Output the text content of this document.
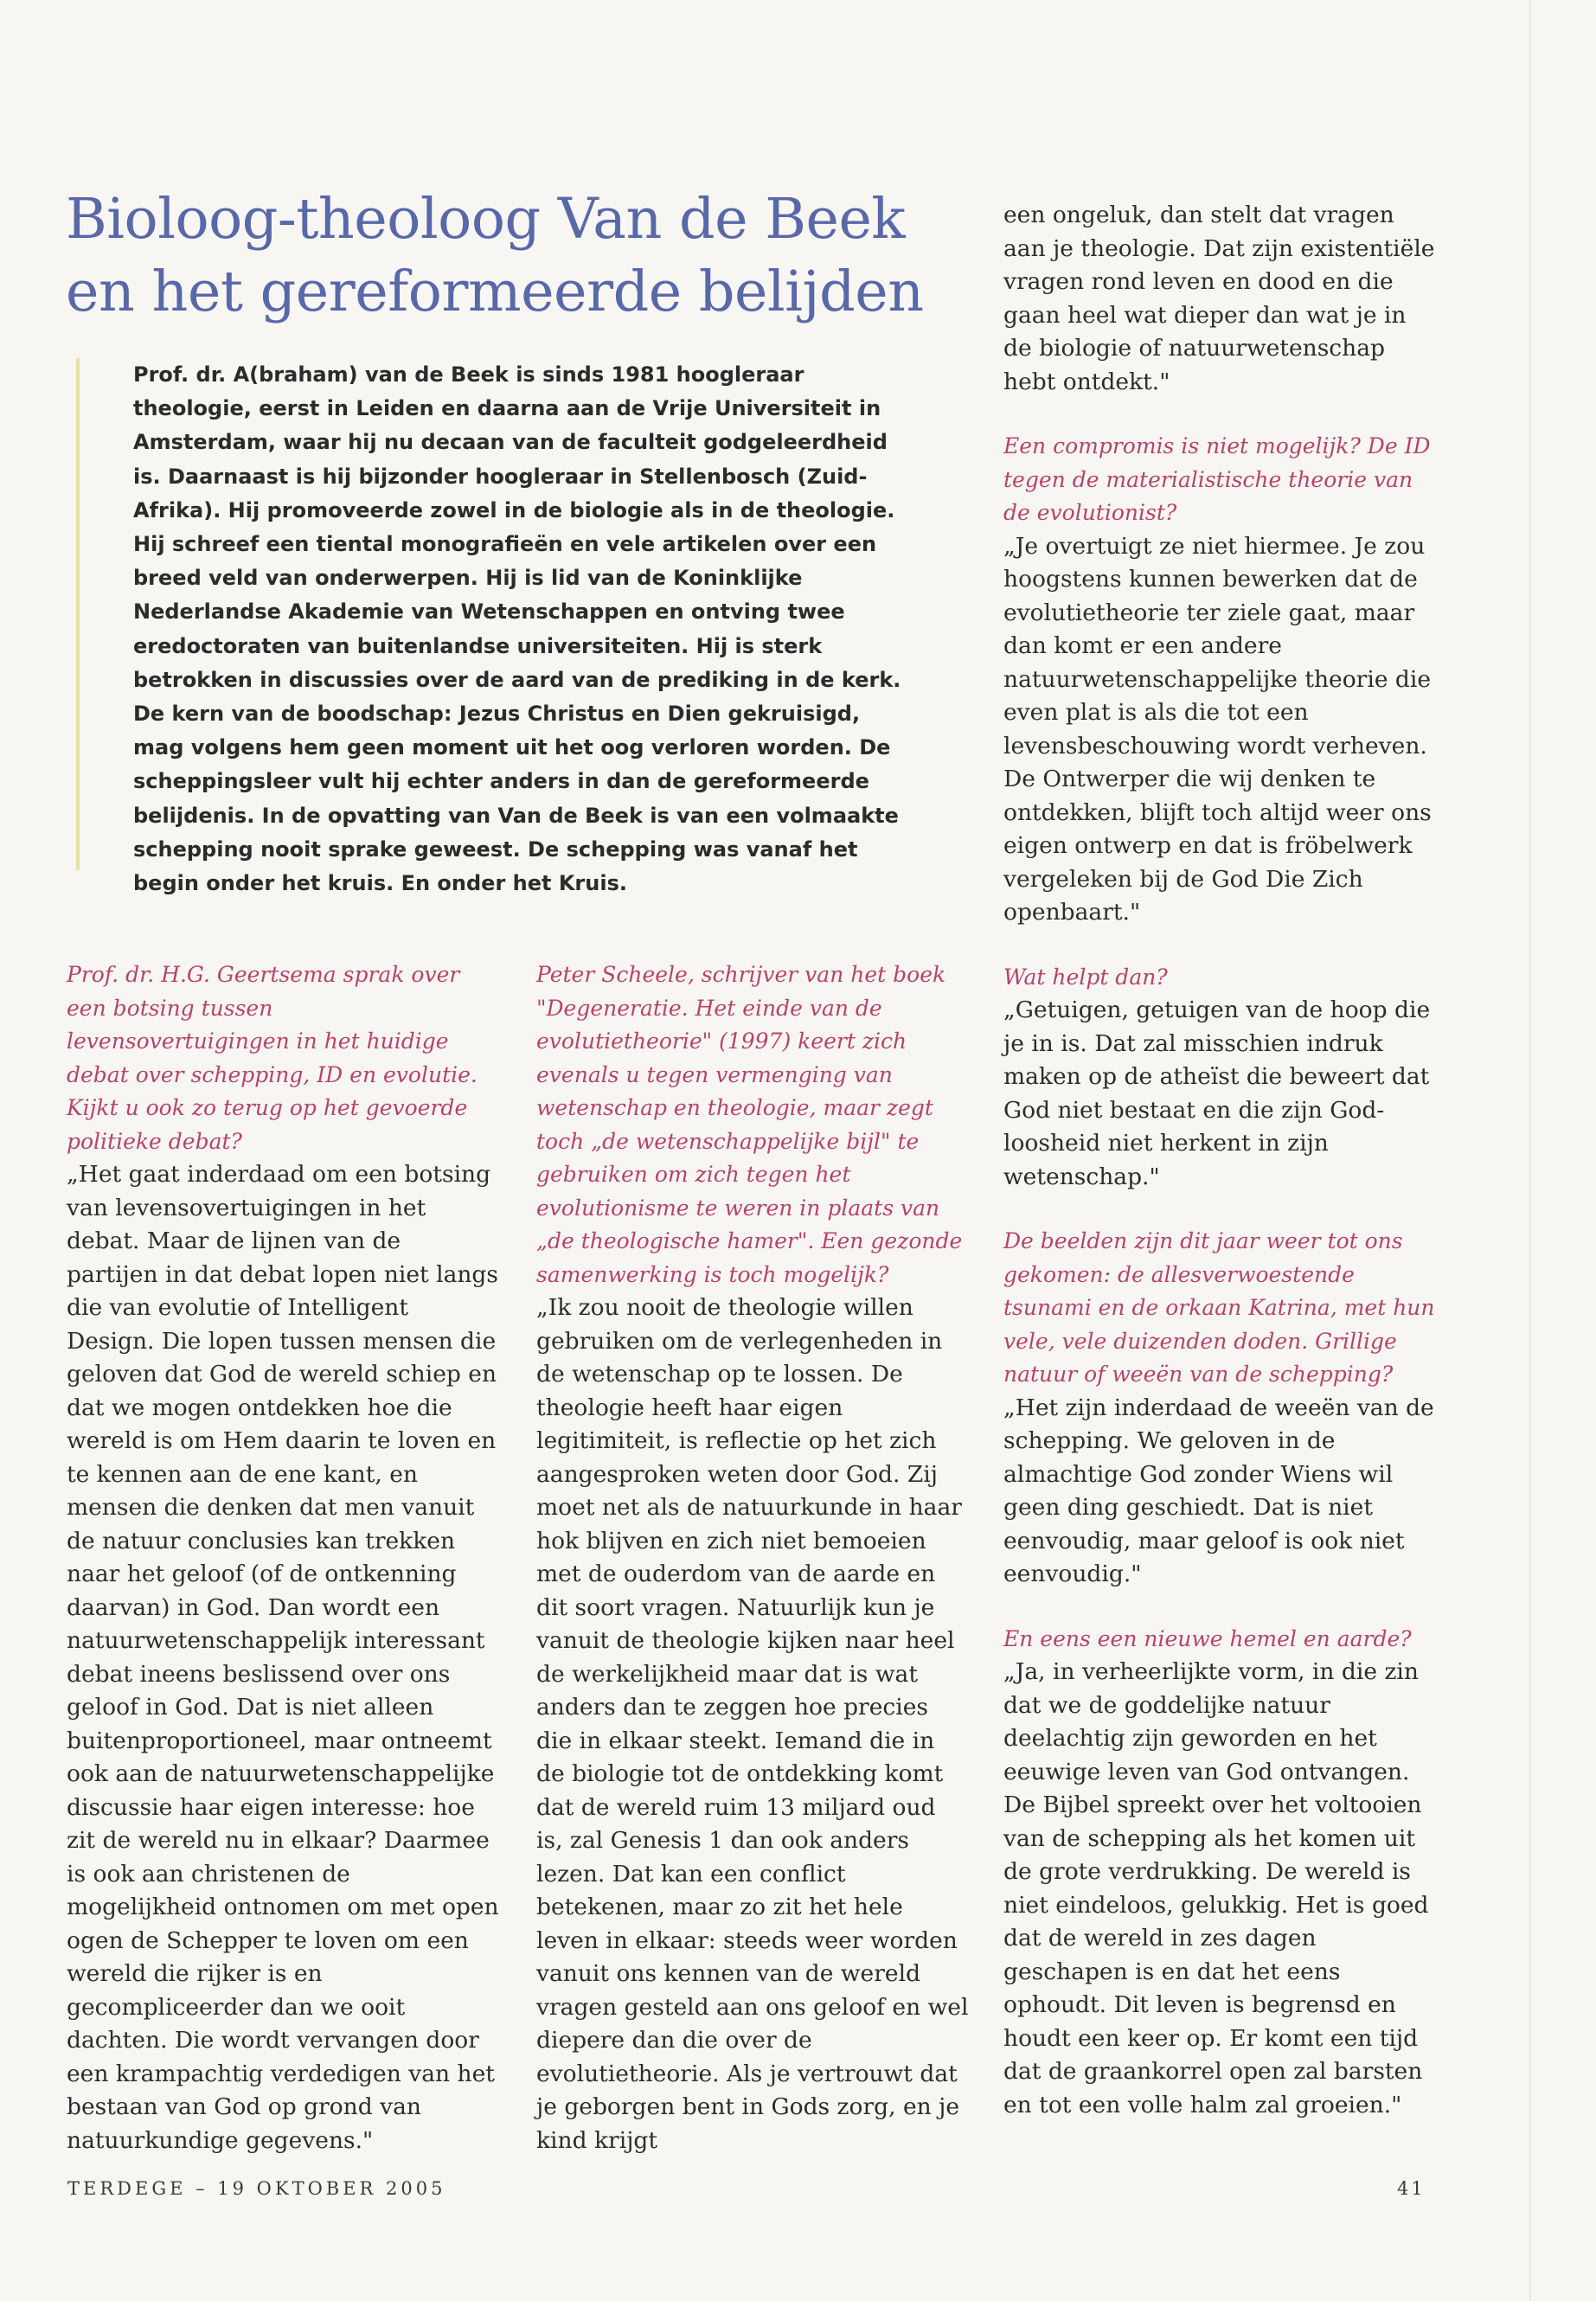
Bioloog-theoloog Van de Beek
en het gereformeerde belijden

Prof. dr. A(braham) van de Beek is sinds 1981 hoogleraar theologie, eerst in Leiden en daarna aan de Vrije Universiteit in Amsterdam, waar hij nu decaan van de faculteit godgeleerdheid is. Daarnaast is hij bijzonder hoogleraar in Stellenbosch (Zuid-Afrika). Hij promoveerde zowel in de biologie als in de theologie. Hij schreef een tiental monografieën en vele artikelen over een breed veld van onderwerpen. Hij is lid van de Koninklijke Nederlandse Akademie van Wetenschappen en ontving twee eredoctoraten van buitenlandse universiteiten. Hij is sterk betrokken in discussies over de aard van de prediking in de kerk. De kern van de boodschap: Jezus Christus en Dien gekruisigd, mag volgens hem geen moment uit het oog verloren worden. De scheppingsleer vult hij echter anders in dan de gereformeerde belijdenis. In de opvatting van Van de Beek is van een volmaakte schepping nooit sprake geweest. De schepping was vanaf het begin onder het kruis. En onder het Kruis.

Prof. dr. H.G. Geertsema sprak over een botsing tussen levensovertuigingen in het huidige debat over schepping, ID en evolutie. Kijkt u ook zo terug op het gevoerde politieke debat?

„Het gaat inderdaad om een botsing van levensovertuigingen in het debat. Maar de lijnen van de partijen in dat debat lopen niet langs die van evolutie of Intelligent Design. Die lopen tussen mensen die geloven dat God de wereld schiep en dat we mogen ontdekken hoe die wereld is om Hem daarin te loven en te kennen aan de ene kant, en mensen die denken dat men vanuit de natuur conclusies kan trekken naar het geloof (of de ontkenning daarvan) in God. Dan wordt een natuurwetenschappelijk interessant debat ineens beslissend over ons geloof in God. Dat is niet alleen buitenproportioneel, maar ontneemt ook aan de natuurwetenschappelijke discussie haar eigen interesse: hoe zit de wereld nu in elkaar? Daarmee is ook aan christenen de mogelijkheid ontnomen om met open ogen de Schepper te loven om een wereld die rijker is en gecompliceerder dan we ooit dachten. Die wordt vervangen door een krampachtig verdedigen van het bestaan van God op grond van natuurkundige gegevens."

Peter Scheele, schrijver van het boek "Degeneratie. Het einde van de evolutietheorie" (1997) keert zich evenals u tegen vermenging van wetenschap en theologie, maar zegt toch „de wetenschappelijke bijl" te gebruiken om zich tegen het evolutionisme te weren in plaats van „de theologische hamer". Een gezonde samenwerking is toch mogelijk?

„Ik zou nooit de theologie willen gebruiken om de verlegenheden in de wetenschap op te lossen. De theologie heeft haar eigen legitimiteit, is reflectie op het zich aangesproken weten door God. Zij moet net als de natuurkunde in haar hok blijven en zich niet bemoeien met de ouderdom van de aarde en dit soort vragen. Natuurlijk kun je vanuit de theologie kijken naar heel de werkelijkheid maar dat is wat anders dan te zeggen hoe precies die in elkaar steekt. Iemand die in de biologie tot de ontdekking komt dat de wereld ruim 13 miljard oud is, zal Genesis 1 dan ook anders lezen. Dat kan een conflict betekenen, maar zo zit het hele leven in elkaar: steeds weer worden vanuit ons kennen van de wereld vragen gesteld aan ons geloof en wel diepere dan die over de evolutietheorie. Als je vertrouwt dat je geborgen bent in Gods zorg, en je kind krijgt

een ongeluk, dan stelt dat vragen aan je theologie. Dat zijn existentiële vragen rond leven en dood en die gaan heel wat dieper dan wat je in de biologie of natuurwetenschap hebt ontdekt."

Een compromis is niet mogelijk? De ID tegen de materialistische theorie van de evolutionist?

„Je overtuigt ze niet hiermee. Je zou hoogstens kunnen bewerken dat de evolutietheorie ter ziele gaat, maar dan komt er een andere natuurwetenschappelijke theorie die even plat is als die tot een levensbeschouwing wordt verheven. De Ontwerper die wij denken te ontdekken, blijft toch altijd weer ons eigen ontwerp en dat is fröbelwerk vergeleken bij de God Die Zich openbaart."

Wat helpt dan?

„Getuigen, getuigen van de hoop die je in is. Dat zal misschien indruk maken op de atheïst die beweert dat God niet bestaat en die zijn God-loosheid niet herkent in zijn wetenschap."

De beelden zijn dit jaar weer tot ons gekomen: de allesverwoestende tsunami en de orkaan Katrina, met hun vele, vele duizenden doden. Grillige natuur of weeën van de schepping?

„Het zijn inderdaad de weeën van de schepping. We geloven in de almachtige God zonder Wiens wil geen ding geschiedt. Dat is niet eenvoudig, maar geloof is ook niet eenvoudig."

En eens een nieuwe hemel en aarde?

„Ja, in verheerlijkte vorm, in die zin dat we de goddelijke natuur deelachtig zijn geworden en het eeuwige leven van God ontvangen. De Bijbel spreekt over het voltooien van de schepping als het komen uit de grote verdrukking. De wereld is niet eindeloos, gelukkig. Het is goed dat de wereld in zes dagen geschapen is en dat het eens ophoudt. Dit leven is begrensd en houdt een keer op. Er komt een tijd dat de graankorrel open zal barsten en tot een volle halm zal groeien."

TERDEGE – 19 OKTOBER 2005	41
